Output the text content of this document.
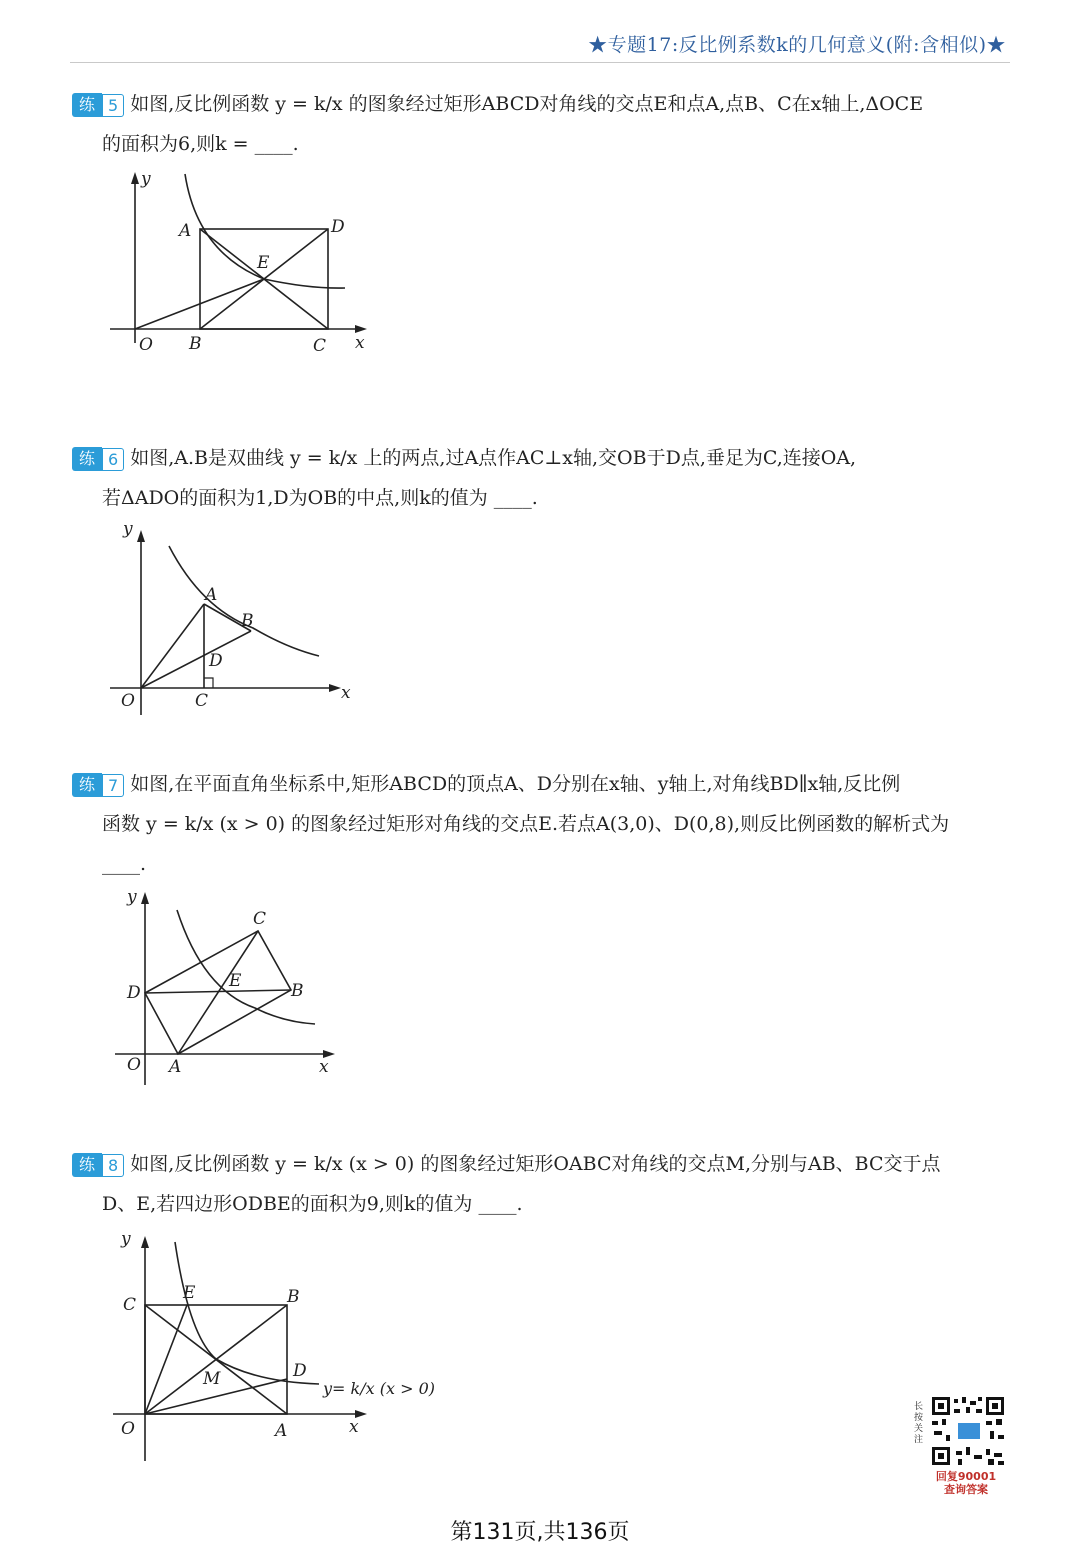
★专题17:反比例系数k的几何意义(附:含相似)★
练 5 如图,反比例函数 y = k/x 的图象经过矩形ABCD对角线的交点E和点A,点B、C在x轴上,ΔOCE
的面积为6,则k = ____.
y
x
O B	C
A	D
E
练 6 如图,A.B是双曲线 y = k/x 上的两点,过A点作AC⊥x轴,交OB于D点,垂足为C,连接OA,
若ΔADO的面积为1,D为OB的中点,则k的值为 ____.
y
x
O	C
A
B
D
练 7 如图,在平面直角坐标系中,矩形ABCD的顶点A、D分别在x轴、y轴上,对角线BD∥x轴,反比例
函数 y = k/x (x > 0) 的图象经过矩形对角线的交点E.若点A(3,0)、D(0,8),则反比例函数的解析式为
____.
y
x
O A
D	B
C
E
练 8 如图,反比例函数 y = k/x (x > 0) 的图象经过矩形OABC对角线的交点M,分别与AB、BC交于点
D、E,若四边形ODBE的面积为9,则k的值为 ____.
y
x
O	A
C	B
E
D
M	y= k/x (x > 0)
长按关注
回复90001
查询答案
第131页,共136页
